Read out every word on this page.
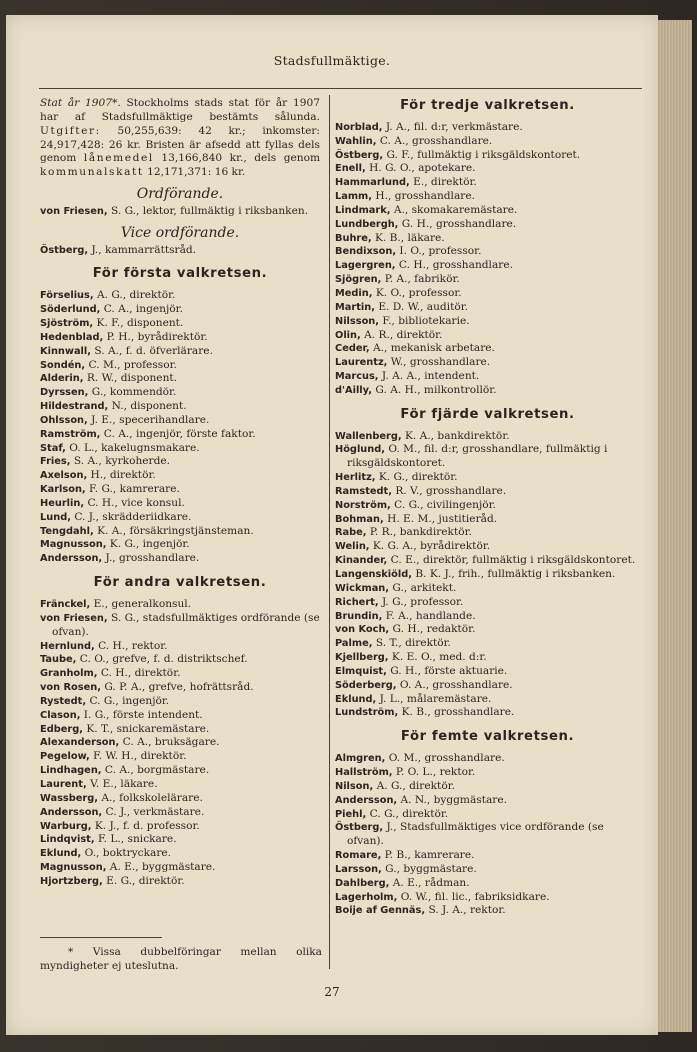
Stadsfullmäktige.

Stat år 1907*. Stockholms stads stat för år 1907 har af Stadsfullmäktige bestämts sålunda. Utgifter: 50,255,639: 42 kr.; inkomster: 24,917,428: 26 kr. Bristen är afsedd att fyllas dels genom lånemedel 13,166,840 kr., dels genom kommunalskatt 12,171,371: 16 kr.

Ordförande.

von Friesen, S. G., lektor, fullmäktig i riksbanken.

Vice ordförande.

Östberg, J., kammarrättsråd.

För första valkretsen.

Förselius, A. G., direktör.

Söderlund, C. A., ingenjör.

Sjöström, K. F., disponent.

Hedenblad, P. H., byrådirektör.

Kinnwall, S. A., f. d. öfverlärare.

Sondén, C. M., professor.

Alderin, R. W., disponent.

Dyrssen, G., kommendör.

Hildestrand, N., disponent.

Ohlsson, J. E., specerihandlare.

Ramström, C. A., ingenjör, förste faktor.

Staf, O. L., kakelugnsmakare.

Fries, S. A., kyrkoherde.

Axelson, H., direktör.

Karlson, F. G., kamrerare.

Heurlin, C. H., vice konsul.

Lund, C. J., skrädderiidkare.

Tengdahl, K. A., försäkringstjänsteman.

Magnusson, K. G., ingenjör.

Andersson, J., grosshandlare.

För andra valkretsen.

Fränckel, E., generalkonsul.

von Friesen, S. G., stadsfullmäktiges ordförande (se ofvan).

Hernlund, C. H., rektor.

Taube, C. O., grefve, f. d. distriktschef.

Granholm, C. H., direktör.

von Rosen, G. P. A., grefve, hofrättsråd.

Rystedt, C. G., ingenjör.

Clason, I. G., förste intendent.

Edberg, K. T., snickaremästare.

Alexanderson, C. A., bruksägare.

Pegelow, F. W. H., direktör.

Lindhagen, C. A., borgmästare.

Laurent, V. E., läkare.

Wassberg, A., folkskolelärare.

Andersson, C. J., verkmästare.

Warburg, K. J., f. d. professor.

Lindqvist, F. L., snickare.

Eklund, O., boktryckare.

Magnusson, A. E., byggmästare.

Hjortzberg, E. G., direktör.

För tredje valkretsen.

Norblad, J. A., fil. d:r, verkmästare.

Wahlin, C. A., grosshandlare.

Östberg, G. F., fullmäktig i riksgäldskontoret.

Enell, H. G. O., apotekare.

Hammarlund, E., direktör.

Lamm, H., grosshandlare.

Lindmark, A., skomakaremästare.

Lundbergh, G. H., grosshandlare.

Buhre, K. B., läkare.

Bendixson, I. O., professor.

Lagergren, C. H., grosshandlare.

Sjögren, P. A., fabrikör.

Medin, K. O., professor.

Martin, E. D. W., auditör.

Nilsson, F., bibliotekarie.

Olin, A. R., direktör.

Ceder, A., mekanisk arbetare.

Laurentz, W., grosshandlare.

Marcus, J. A. A., intendent.

d'Ailly, G. A. H., milkontrollör.

För fjärde valkretsen.

Wallenberg, K. A., bankdirektör.

Höglund, O. M., fil. d:r, grosshandlare, fullmäktig i riksgäldskontoret.

Herlitz, K. G., direktör.

Ramstedt, R. V., grosshandlare.

Norström, C. G., civilingenjör.

Bohman, H. E. M., justitieråd.

Rabe, P. R., bankdirektör.

Welin, K. G. A., byrådirektör.

Kinander, C. E., direktör, fullmäktig i riksgäldskontoret.

Langenskiöld, B. K. J., frih., fullmäktig i riksbanken.

Wickman, G., arkitekt.

Richert, J. G., professor.

Brundin, F. A., handlande.

von Koch, G. H., redaktör.

Palme, S. T., direktör.

Kjellberg, K. E. O., med. d:r.

Elmquist, G. H., förste aktuarie.

Söderberg, O. A., grosshandlare.

Eklund, J. L., målaremästare.

Lundström, K. B., grosshandlare.

För femte valkretsen.

Almgren, O. M., grosshandlare.

Hallström, P. O. L., rektor.

Nilson, A. G., direktör.

Andersson, A. N., byggmästare.

Piehl, C. G., direktör.

Östberg, J., Stadsfullmäktiges vice ordförande (se ofvan).

Romare, P. B., kamrerare.

Larsson, G., byggmästare.

Dahlberg, A. E., rådman.

Lagerholm, O. W., fil. lic., fabriksidkare.

Boije af Gennäs, S. J. A., rektor.

* Vissa dubbelföringar mellan olika myndigheter ej uteslutna.
27
